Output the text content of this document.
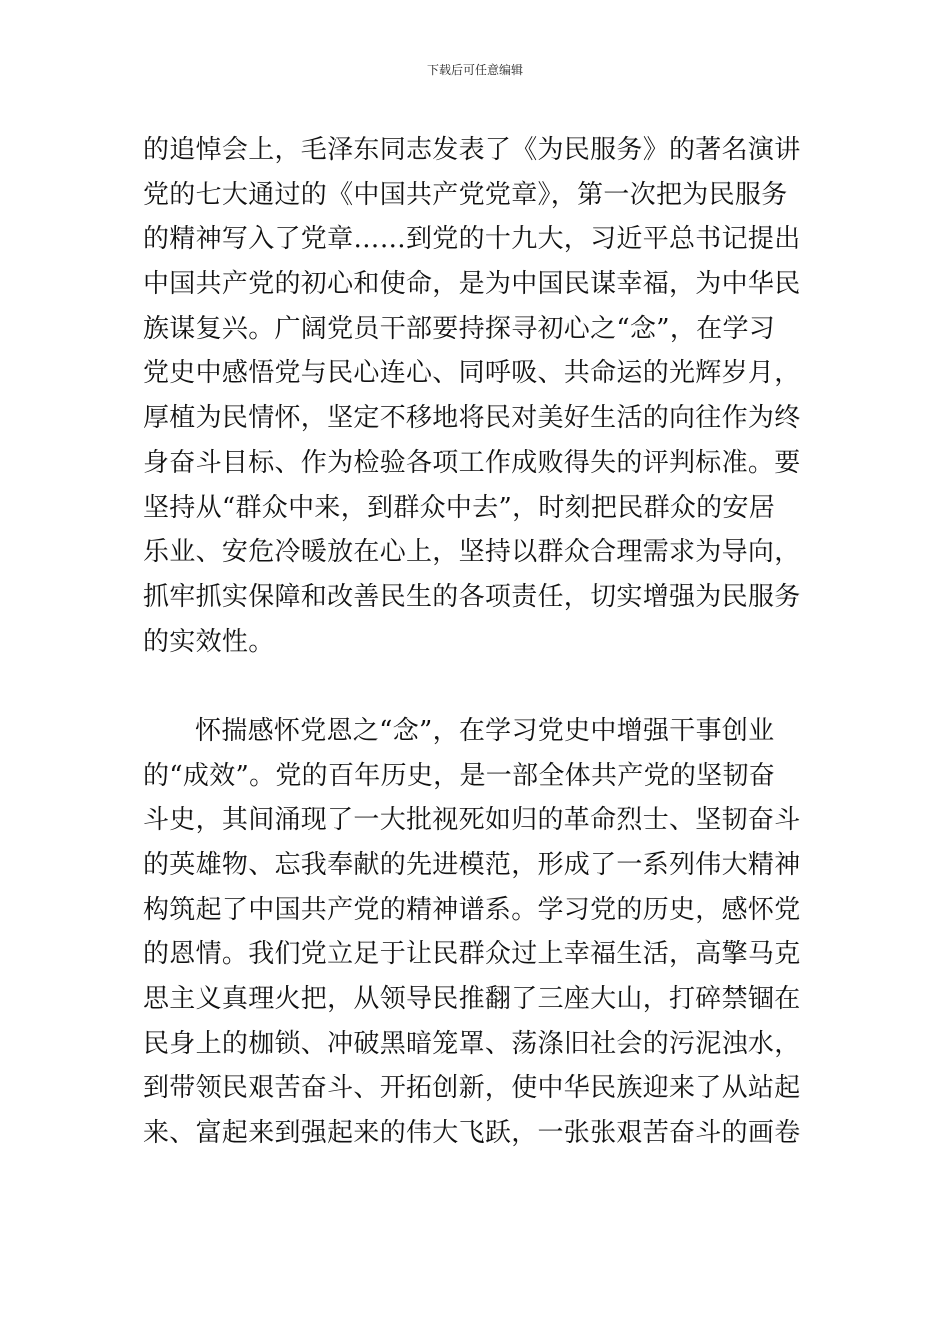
下载后可任意编辑
的追悼会上，毛泽东同志发表了《为民服务》的著名演讲
党的七大通过的《中国共产党党章》，第一次把为民服务
的精神写入了党章……到党的十九大，习近平总书记提出
中国共产党的初心和使命，是为中国民谋幸福，为中华民
族谋复兴。广阔党员干部要持探寻初心之“念”，在学习
党史中感悟党与民心连心、同呼吸、共命运的光辉岁月，
厚植为民情怀，坚定不移地将民对美好生活的向往作为终
身奋斗目标、作为检验各项工作成败得失的评判标准。要
坚持从“群众中来，到群众中去”，时刻把民群众的安居
乐业、安危冷暖放在心上，坚持以群众合理需求为导向，
抓牢抓实保障和改善民生的各项责任，切实增强为民服务
的实效性。
怀揣感怀党恩之“念”，在学习党史中增强干事创业
的“成效”。党的百年历史，是一部全体共产党的坚韧奋
斗史，其间涌现了一大批视死如归的革命烈士、坚韧奋斗
的英雄物、忘我奉献的先进模范，形成了一系列伟大精神
构筑起了中国共产党的精神谱系。学习党的历史，感怀党
的恩情。我们党立足于让民群众过上幸福生活，高擎马克
思主义真理火把，从领导民推翻了三座大山，打碎禁锢在
民身上的枷锁、冲破黑暗笼罩、荡涤旧社会的污泥浊水，
到带领民艰苦奋斗、开拓创新，使中华民族迎来了从站起
来、富起来到强起来的伟大飞跃，一张张艰苦奋斗的画卷
